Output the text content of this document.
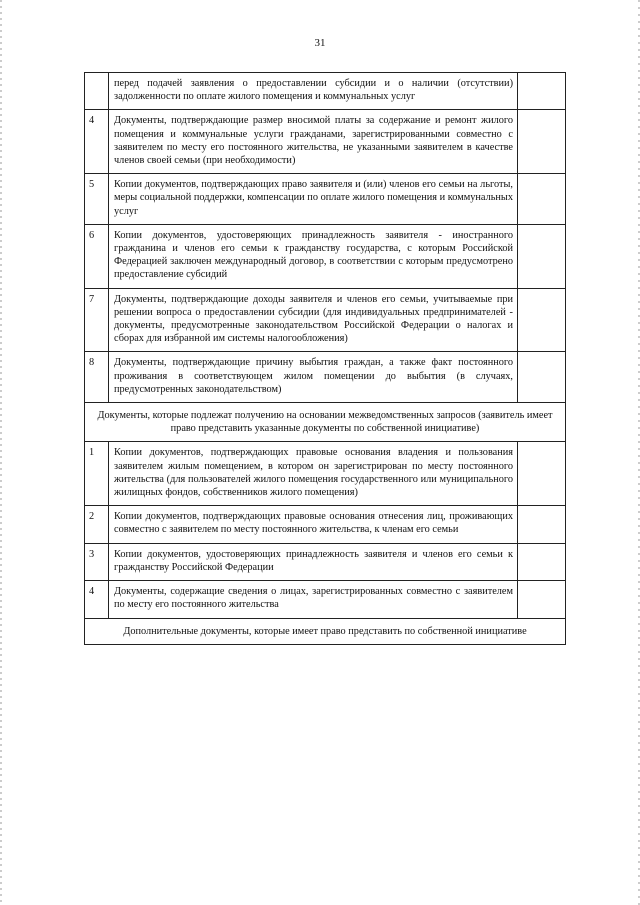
31
	перед подачей заявления о предоставлении субсидии и о наличии (отсутствии) задолженности по оплате жилого помещения и коммунальных услуг	
4	Документы, подтверждающие размер вносимой платы за содержание и ремонт жилого помещения и коммунальные услуги гражданами, зарегистрированными совместно с заявителем по месту его постоянного жительства, не указанными заявителем в качестве членов своей семьи (при необходимости)	
5	Копии документов, подтверждающих право заявителя и (или) членов его семьи на льготы, меры социальной поддержки, компенсации по оплате жилого помещения и коммунальных услуг	
6	Копии документов, удостоверяющих принадлежность заявителя - иностранного гражданина и членов его семьи к гражданству государства, с которым Российской Федерацией заключен международный договор, в соответствии с которым предусмотрено предоставление субсидий	
7	Документы, подтверждающие доходы заявителя и членов его семьи, учитываемые при решении вопроса о предоставлении субсидии (для индивидуальных предпринимателей - документы, предусмотренные законодательством Российской Федерации о налогах и сборах для избранной им системы налогообложения)	
8	Документы, подтверждающие причину выбытия граждан, а также факт постоянного проживания в соответствующем жилом помещении до выбытия (в случаях, предусмотренных законодательством)	
Документы, которые подлежат получению на основании межведомственных запросов (заявитель имеет право представить указанные документы по собственной инициативе)		
1	Копии документов, подтверждающих правовые основания владения и пользования заявителем жилым помещением, в котором он зарегистрирован по месту постоянного жительства (для пользователей жилого помещения государственного или муниципального жилищных фондов, собственников жилого помещения)	
2	Копии документов, подтверждающих правовые основания отнесения лиц, проживающих совместно с заявителем по месту постоянного жительства, к членам его семьи	
3	Копии документов, удостоверяющих принадлежность заявителя и членов его семьи к гражданству Российской Федерации	
4	Документы, содержащие сведения о лицах, зарегистрированных совместно с заявителем по месту его постоянного жительства	
Дополнительные документы, которые имеет право представить по собственной инициативе		
